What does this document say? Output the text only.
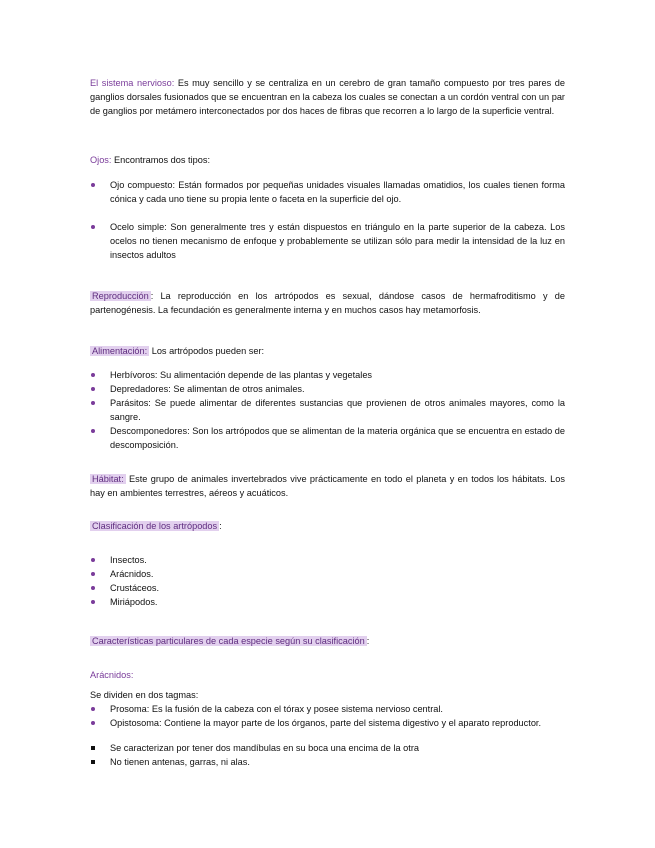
El sistema nervioso: Es muy sencillo y se centraliza en un cerebro de gran tamaño compuesto por tres pares de ganglios dorsales fusionados que se encuentran en la cabeza los cuales se conectan a un cordón ventral con un par de ganglios por metámero interconectados por dos haces de fibras que recorren a lo largo de la superficie ventral.

Ojos: Encontramos dos tipos:

Ojo compuesto: Están formados por pequeñas unidades visuales llamadas omatidios, los cuales tienen forma cónica y cada uno tiene su propia lente o faceta en la superficie del ojo.
Ocelo simple: Son generalmente tres y están dispuestos en triángulo en la parte superior de la cabeza. Los ocelos no tienen mecanismo de enfoque y probablemente se utilizan sólo para medir la intensidad de la luz en insectos adultos

Reproducción : La reproducción en los artrópodos es sexual, dándose casos de hermafroditismo y de partenogénesis. La fecundación es generalmente interna y en muchos casos hay metamorfosis.

Alimentación: Los artrópodos pueden ser:

Herbívoros: Su alimentación depende de las plantas y vegetales
Depredadores: Se alimentan de otros animales.
Parásitos: Se puede alimentar de diferentes sustancias que provienen de otros animales mayores, como la sangre.
Descomponedores: Son los artrópodos que se alimentan de la materia orgánica que se encuentra en estado de descomposición.

Hábitat: Este grupo de animales invertebrados vive prácticamente en todo el planeta y en todos los hábitats. Los hay en ambientes terrestres, aéreos y acuáticos.

Clasificación de los artrópodos :

Insectos.
Arácnidos.
Crustáceos.
Miriápodos.

Características particulares de cada especie según su clasificación :

Arácnidos:

Se dividen en dos tagmas:

Prosoma: Es la fusión de la cabeza con el tórax y posee sistema nervioso central.
Opistosoma: Contiene la mayor parte de los órganos, parte del sistema digestivo y el aparato reproductor.
Se caracterizan por tener dos mandíbulas en su boca una encima de la otra
No tienen antenas, garras, ni alas.
